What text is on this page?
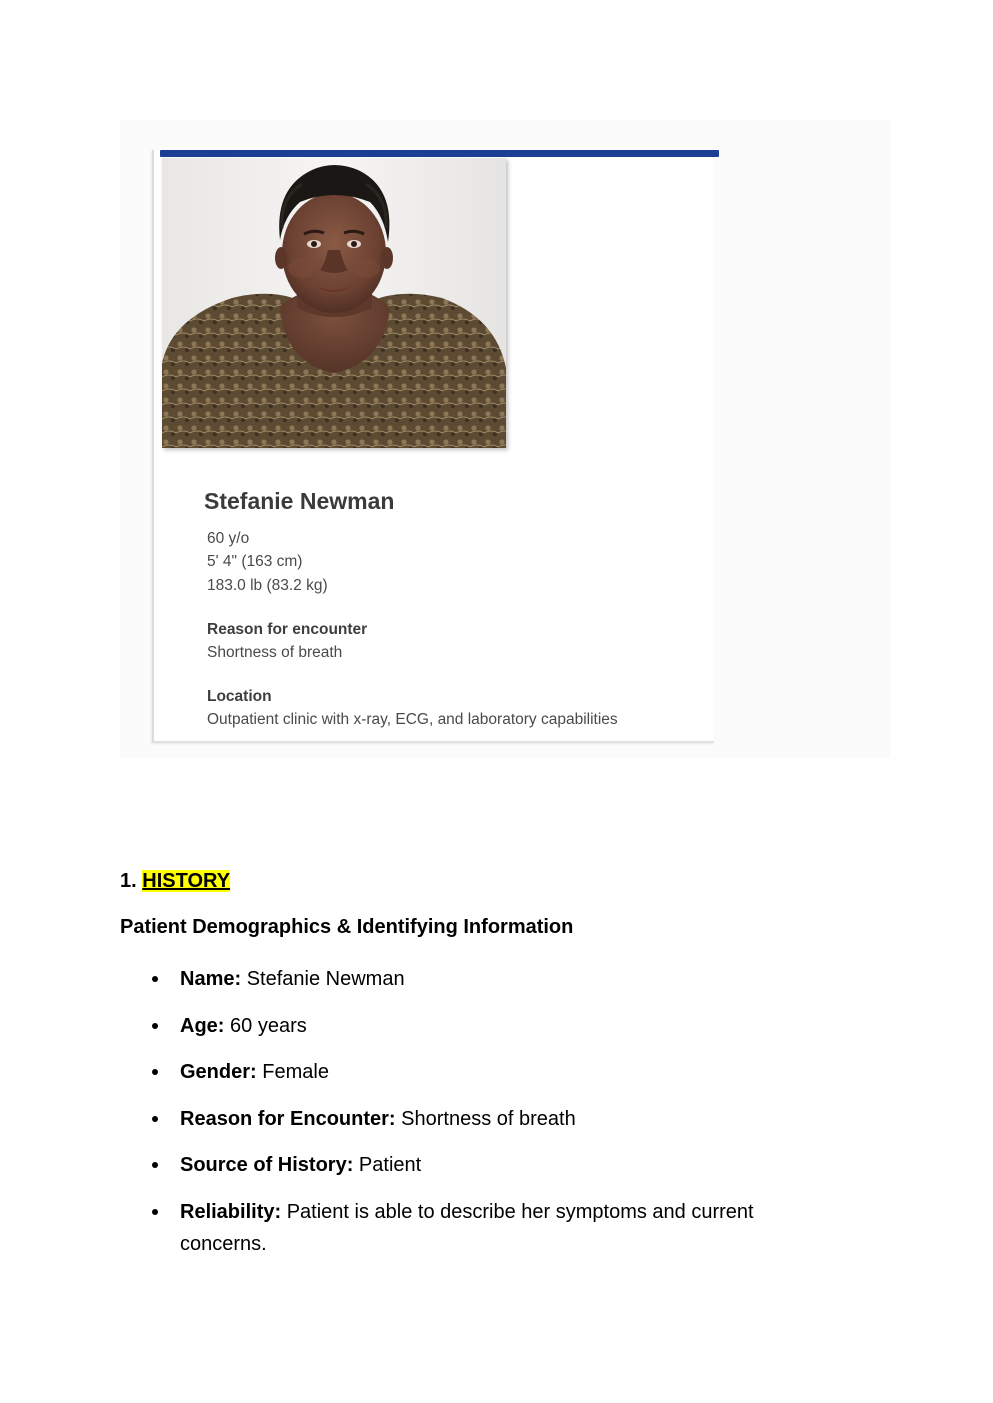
Stefanie Newman
60 y/o
5' 4" (163 cm)
183.0 lb (83.2 kg)
Reason for encounter
Shortness of breath
Location
Outpatient clinic with x-ray, ECG, and laboratory capabilities
1. HISTORY
Patient Demographics & Identifying Information
Name: Stefanie Newman
Age: 60 years
Gender: Female
Reason for Encounter: Shortness of breath
Source of History: Patient
Reliability: Patient is able to describe her symptoms and current concerns.
